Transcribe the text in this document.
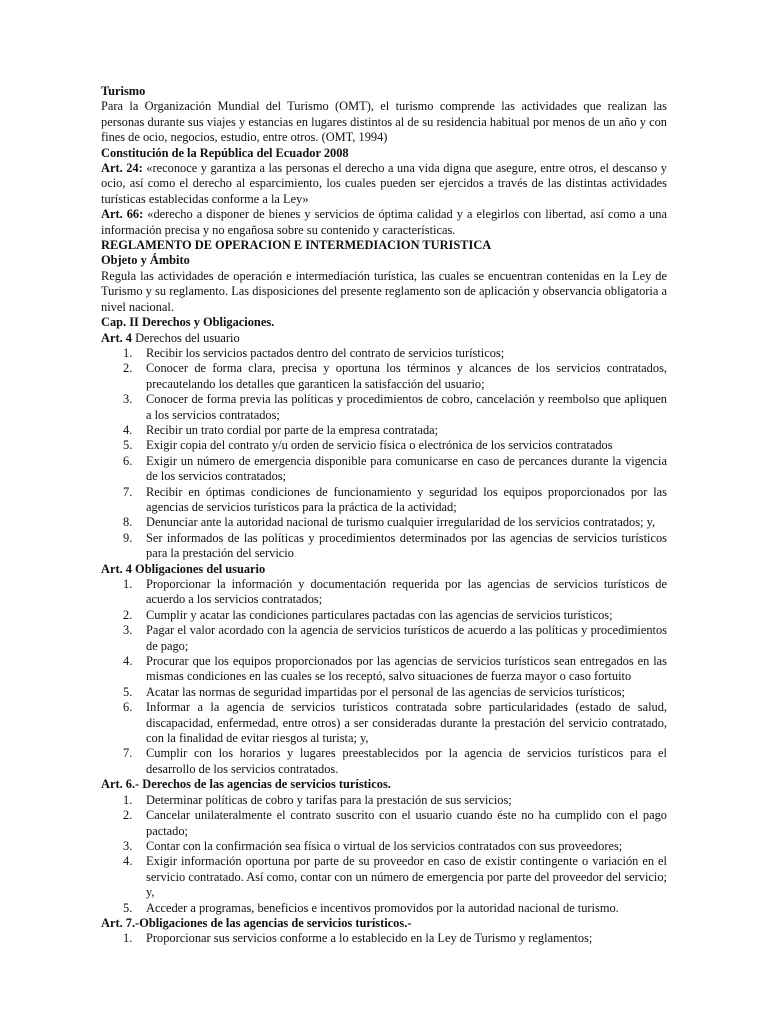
Turismo
Para la Organización Mundial del Turismo (OMT), el turismo comprende las actividades que realizan las personas durante sus viajes y estancias en lugares distintos al de su residencia habitual por menos de un año y con fines de ocio, negocios, estudio, entre otros. (OMT, 1994)
Constitución de la República del Ecuador 2008
Art. 24: «reconoce y garantiza a las personas el derecho a una vida digna que asegure, entre otros, el descanso y ocio, así como el derecho al esparcimiento, los cuales pueden ser ejercidos a través de las distintas actividades turísticas establecidas conforme a la Ley»
Art. 66: «derecho a disponer de bienes y servicios de óptima calidad y a elegirlos con libertad, así como a una información precisa y no engañosa sobre su contenido y características.
REGLAMENTO DE OPERACION E INTERMEDIACION TURISTICA
Objeto y Ámbito
Regula las actividades de operación e intermediación turística, las cuales se encuentran contenidas en la Ley de Turismo y su reglamento. Las disposiciones del presente reglamento son de aplicación y observancia obligatoria a nivel nacional.
Cap. II Derechos y Obligaciones.
Art. 4 Derechos del usuario
1. Recibir los servicios pactados dentro del contrato de servicios turísticos;
2. Conocer de forma clara, precisa y oportuna los términos y alcances de los servicios contratados, precautelando los detalles que garanticen la satisfacción del usuario;
3. Conocer de forma previa las políticas y procedimientos de cobro, cancelación y reembolso que apliquen a los servicios contratados;
4. Recibir un trato cordial por parte de la empresa contratada;
5. Exigir copia del contrato y/u orden de servicio física o electrónica de los servicios contratados
6. Exigir un número de emergencia disponible para comunicarse en caso de percances durante la vigencia de los servicios contratados;
7. Recibir en óptimas condiciones de funcionamiento y seguridad los equipos proporcionados por las agencias de servicios turísticos para la práctica de la actividad;
8. Denunciar ante la autoridad nacional de turismo cualquier irregularidad de los servicios contratados; y,
9. Ser informados de las políticas y procedimientos determinados por las agencias de servicios turísticos para la prestación del servicio
Art. 4 Obligaciones del usuario
1. Proporcionar la información y documentación requerida por las agencias de servicios turísticos de acuerdo a los servicios contratados;
2. Cumplir y acatar las condiciones particulares pactadas con las agencias de servicios turísticos;
3. Pagar el valor acordado con la agencia de servicios turísticos de acuerdo a las políticas y procedimientos de pago;
4. Procurar que los equipos proporcionados por las agencias de servicios turísticos sean entregados en las mismas condiciones en las cuales se los receptó, salvo situaciones de fuerza mayor o caso fortuito
5. Acatar las normas de seguridad impartidas por el personal de las agencias de servicios turísticos;
6. Informar a la agencia de servicios turísticos contratada sobre particularidades (estado de salud, discapacidad, enfermedad, entre otros) a ser consideradas durante la prestación del servicio contratado, con la finalidad de evitar riesgos al turista; y,
7. Cumplir con los horarios y lugares preestablecidos por la agencia de servicios turísticos para el desarrollo de los servicios contratados.
Art. 6.- Derechos de las agencias de servicios turísticos.
1. Determinar políticas de cobro y tarifas para la prestación de sus servicios;
2. Cancelar unilateralmente el contrato suscrito con el usuario cuando éste no ha cumplido con el pago pactado;
3. Contar con la confirmación sea física o virtual de los servicios contratados con sus proveedores;
4. Exigir información oportuna por parte de su proveedor en caso de existir contingente o variación en el servicio contratado. Así como, contar con un número de emergencia por parte del proveedor del servicio; y,
5. Acceder a programas, beneficios e incentivos promovidos por la autoridad nacional de turismo.
Art. 7.-Obligaciones de las agencias de servicios turísticos.-
1. Proporcionar sus servicios conforme a lo establecido en la Ley de Turismo y reglamentos;
